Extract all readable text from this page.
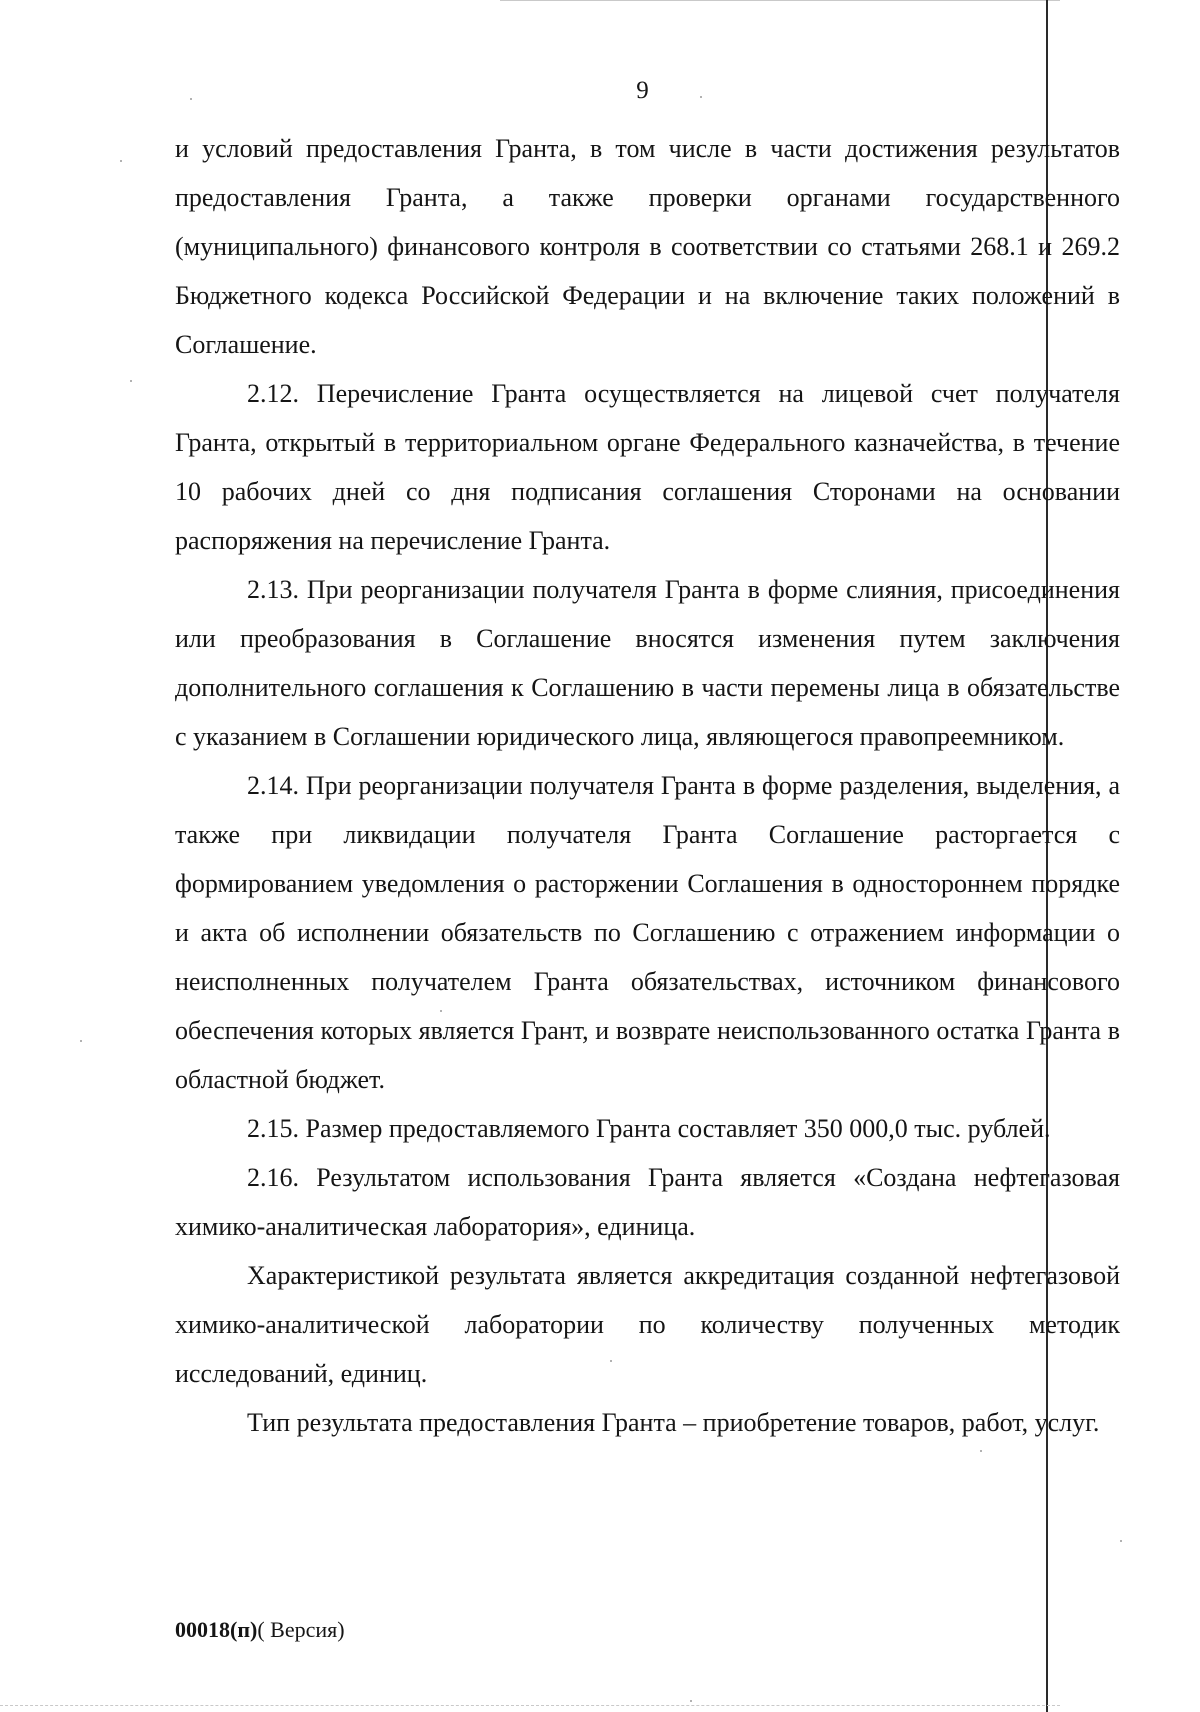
9

и условий предоставления Гранта, в том числе в части достижения результатов предоставления Гранта, а также проверки органами государственного (муниципального) финансового контроля в соответствии со статьями 268.1 и 269.2 Бюджетного кодекса Российской Федерации и на включение таких положений в Соглашение.

2.12. Перечисление Гранта осуществляется на лицевой счет получателя Гранта, открытый в территориальном органе Федерального казначейства, в течение 10 рабочих дней со дня подписания соглашения Сторонами на основании распоряжения на перечисление Гранта.

2.13. При реорганизации получателя Гранта в форме слияния, присоединения или преобразования в Соглашение вносятся изменения путем заключения дополнительного соглашения к Соглашению в части перемены лица в обязательстве с указанием в Соглашении юридического лица, являющегося правопреемником.

2.14. При реорганизации получателя Гранта в форме разделения, выделения, а также при ликвидации получателя Гранта Соглашение расторгается с формированием уведомления о расторжении Соглашения в одностороннем порядке и акта об исполнении обязательств по Соглашению с отражением информации о неисполненных получателем Гранта обязательствах, источником финансового обеспечения которых является Грант, и возврате неиспользованного остатка Гранта в областной бюджет.

2.15. Размер предоставляемого Гранта составляет 350 000,0 тыс. рублей.

2.16. Результатом использования Гранта является «Создана нефтегазовая химико-аналитическая лаборатория», единица.

Характеристикой результата является аккредитация созданной нефтегазовой химико-аналитической лаборатории по количеству полученных методик исследований, единиц.

Тип результата предоставления Гранта – приобретение товаров, работ, услуг.

00018(п)( Версия)
